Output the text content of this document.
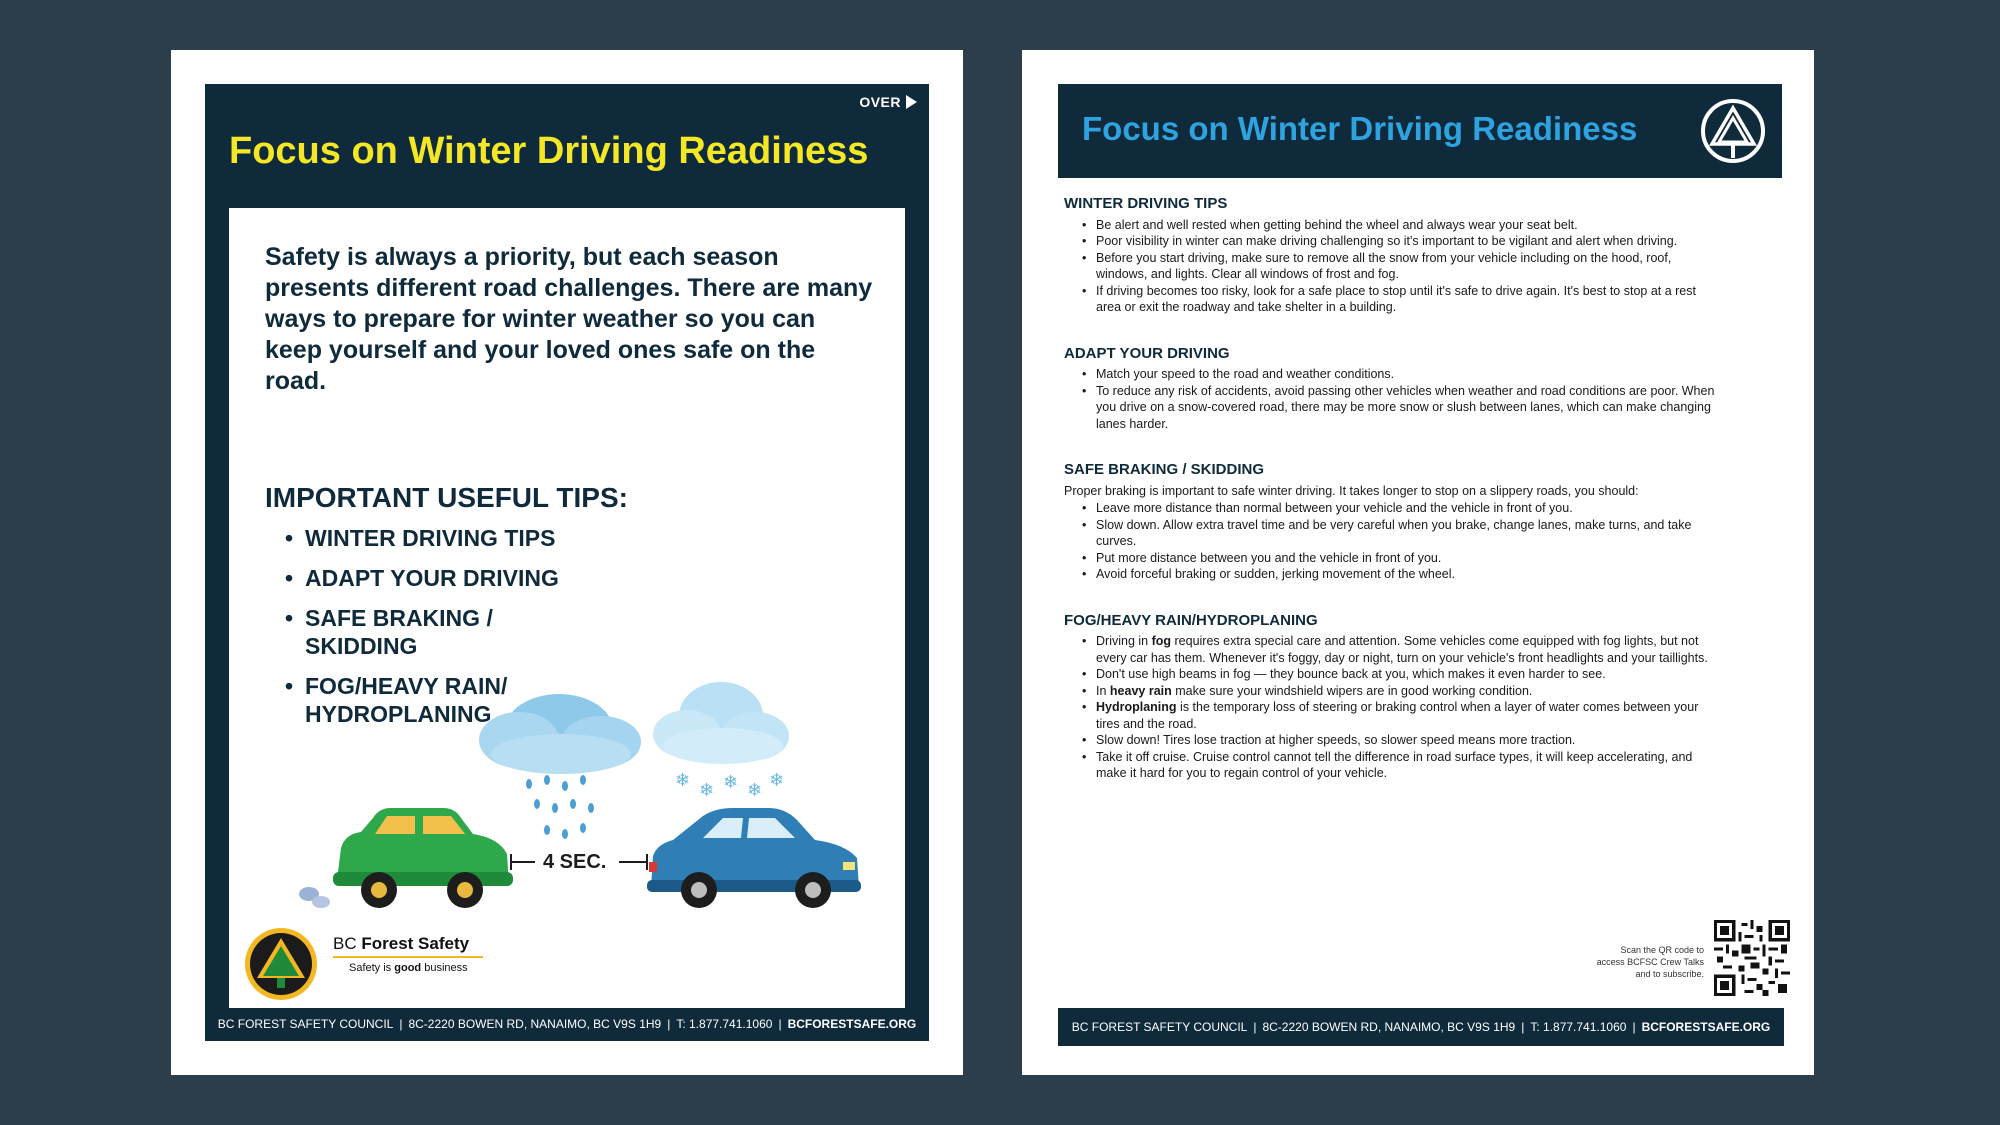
OVER
Focus on Winter Driving Readiness
Safety is always a priority, but each season presents different road challenges. There are many ways to prepare for winter weather so you can keep yourself and your loved ones safe on the road.
IMPORTANT USEFUL TIPS:
• WINTER DRIVING TIPS
• ADAPT YOUR DRIVING
• SAFE BRAKING / SKIDDING
• FOG/HEAVY RAIN/ HYDROPLANING
❄ ❄ ❄ ❄ ❄
4 SEC.
BC Forest Safety
Safety is good business
BC FOREST SAFETY COUNCIL | 8C-2220 BOWEN RD, NANAIMO, BC V9S 1H9 | T: 1.877.741.1060 | BCFORESTSAFE.ORG
Focus on Winter Driving Readiness
WINTER DRIVING TIPS
• Be alert and well rested when getting behind the wheel and always wear your seat belt.
• Poor visibility in winter can make driving challenging so it's important to be vigilant and alert when driving.
• Before you start driving, make sure to remove all the snow from your vehicle including on the hood, roof, windows, and lights. Clear all windows of frost and fog.
• If driving becomes too risky, look for a safe place to stop until it's safe to drive again. It's best to stop at a rest area or exit the roadway and take shelter in a building.
ADAPT YOUR DRIVING
• Match your speed to the road and weather conditions.
• To reduce any risk of accidents, avoid passing other vehicles when weather and road conditions are poor. When you drive on a snow-covered road, there may be more snow or slush between lanes, which can make changing lanes harder.
SAFE BRAKING / SKIDDING

Proper braking is important to safe winter driving. It takes longer to stop on a slippery roads, you should:

• Leave more distance than normal between your vehicle and the vehicle in front of you.
• Slow down. Allow extra travel time and be very careful when you brake, change lanes, make turns, and take curves.
• Put more distance between you and the vehicle in front of you.
• Avoid forceful braking or sudden, jerking movement of the wheel.
FOG/HEAVY RAIN/HYDROPLANING
• Driving in fog requires extra special care and attention. Some vehicles come equipped with fog lights, but not every car has them. Whenever it's foggy, day or night, turn on your vehicle's front headlights and your taillights.
• Don't use high beams in fog — they bounce back at you, which makes it even harder to see.
• In heavy rain make sure your windshield wipers are in good working condition.
• Hydroplaning is the temporary loss of steering or braking control when a layer of water comes between your tires and the road.
• Slow down! Tires lose traction at higher speeds, so slower speed means more traction.
• Take it off cruise. Cruise control cannot tell the difference in road surface types, it will keep accelerating, and make it hard for you to regain control of your vehicle.
Scan the QR code to access BCFSC Crew Talks and to subscribe.
BC FOREST SAFETY COUNCIL | 8C-2220 BOWEN RD, NANAIMO, BC V9S 1H9 | T: 1.877.741.1060 | BCFORESTSAFE.ORG
